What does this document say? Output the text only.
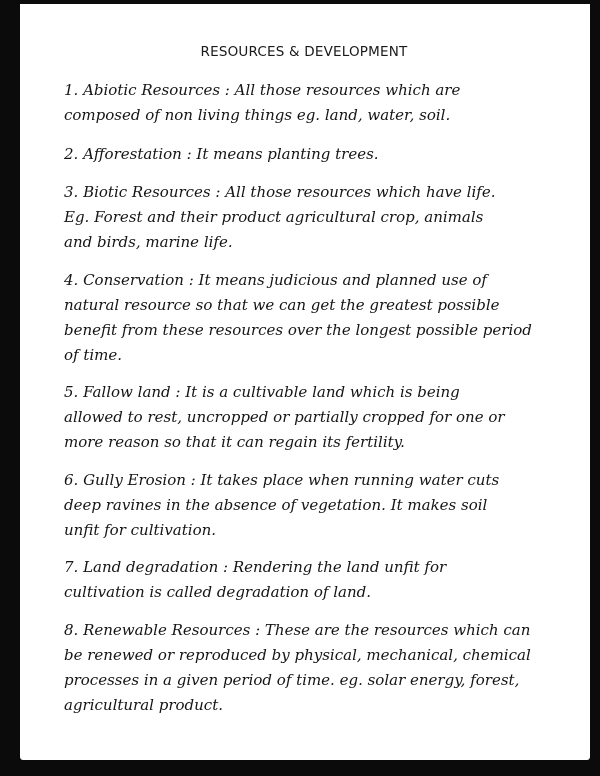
RESOURCES & DEVELOPMENT
1. Abiotic Resources : All those resources which are
composed of non living things eg. land, water, soil.
2. Afforestation : It means planting trees.
3. Biotic Resources : All those resources which have life.
Eg. Forest and their product agricultural crop, animals
and birds, marine life.
4. Conservation : It means judicious and planned use of
natural resource so that we can get the greatest possible
benefit from these resources over the longest possible period
of time.
5. Fallow land : It is a cultivable land which is being
allowed to rest, uncropped or partially cropped for one or
more reason so that it can regain its fertility.
6. Gully Erosion : It takes place when running water cuts
deep ravines in the absence of vegetation. It makes soil
unfit for cultivation.
7. Land degradation : Rendering the land unfit for
cultivation is called degradation of land.
8. Renewable Resources : These are the resources which can
be renewed or reproduced by physical, mechanical, chemical
processes in a given period of time. eg. solar energy, forest,
agricultural product.
